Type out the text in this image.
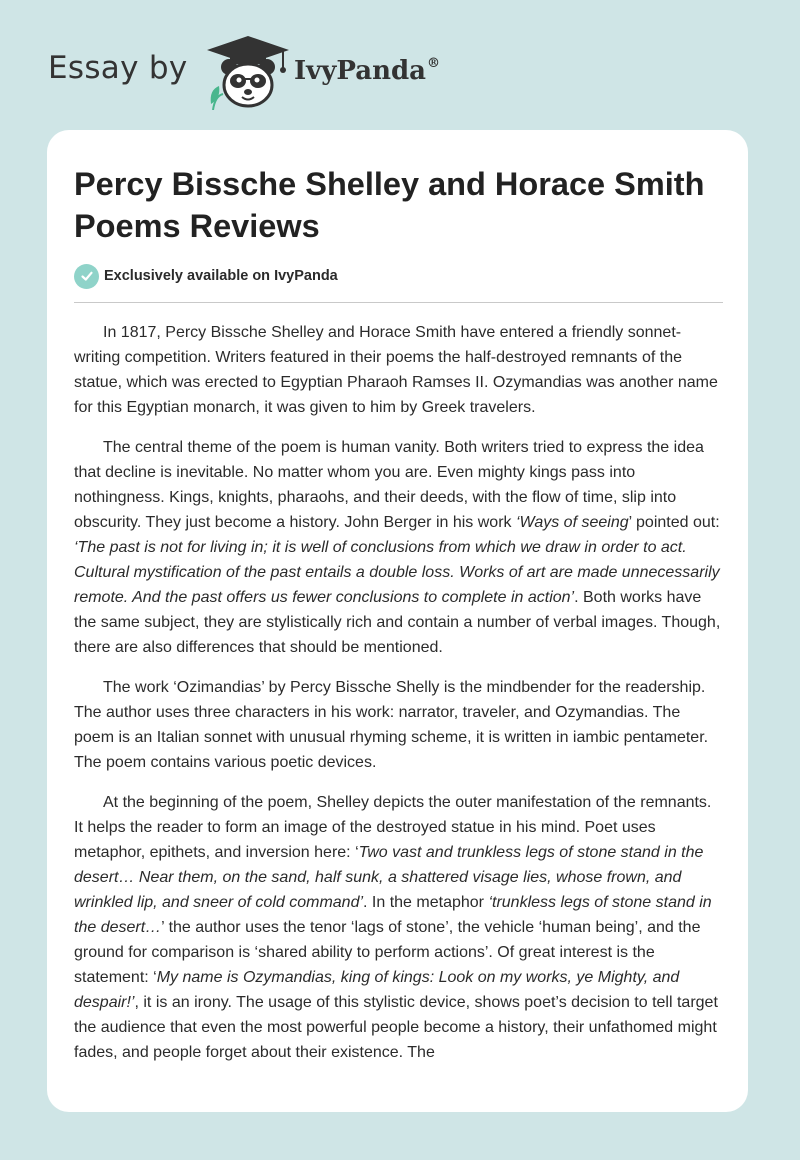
Essay by	IvyPanda®
Percy Bissche Shelley and Horace Smith Poems Reviews
Exclusively available on IvyPanda

In 1817, Percy Bissche Shelley and Horace Smith have entered a friendly sonnet-writing competition. Writers featured in their poems the half-destroyed remnants of the statue, which was erected to Egyptian Pharaoh Ramses II. Ozymandias was another name for this Egyptian monarch, it was given to him by Greek travelers.

The central theme of the poem is human vanity. Both writers tried to express the idea that decline is inevitable. No matter whom you are. Even mighty kings pass into nothingness. Kings, knights, pharaohs, and their deeds, with the flow of time, slip into obscurity. They just become a history. John Berger in his work ‘Ways of seeing’ pointed out: ‘The past is not for living in; it is well of conclusions from which we draw in order to act. Cultural mystification of the past entails a double loss. Works of art are made unnecessarily remote. And the past offers us fewer conclusions to complete in action’. Both works have the same subject, they are stylistically rich and contain a number of verbal images. Though, there are also differences that should be mentioned.

The work ‘Ozimandias’ by Percy Bissche Shelly is the mindbender for the readership. The author uses three characters in his work: narrator, traveler, and Ozymandias. The poem is an Italian sonnet with unusual rhyming scheme, it is written in iambic pentameter. The poem contains various poetic devices.

At the beginning of the poem, Shelley depicts the outer manifestation of the remnants. It helps the reader to form an image of the destroyed statue in his mind. Poet uses metaphor, epithets, and inversion here: ‘Two vast and trunkless legs of stone stand in the desert… Near them, on the sand, half sunk, a shattered visage lies, whose frown, and wrinkled lip, and sneer of cold command’. In the metaphor ‘trunkless legs of stone stand in the desert…’ the author uses the tenor ‘lags of stone’, the vehicle ‘human being’, and the ground for comparison is ‘shared ability to perform actions’. Of great interest is the statement: ‘My name is Ozymandias, king of kings: Look on my works, ye Mighty, and despair!’, it is an irony. The usage of this stylistic device, shows poet’s decision to tell target the audience that even the most powerful people become a history, their unfathomed might fades, and people forget about their existence. The
